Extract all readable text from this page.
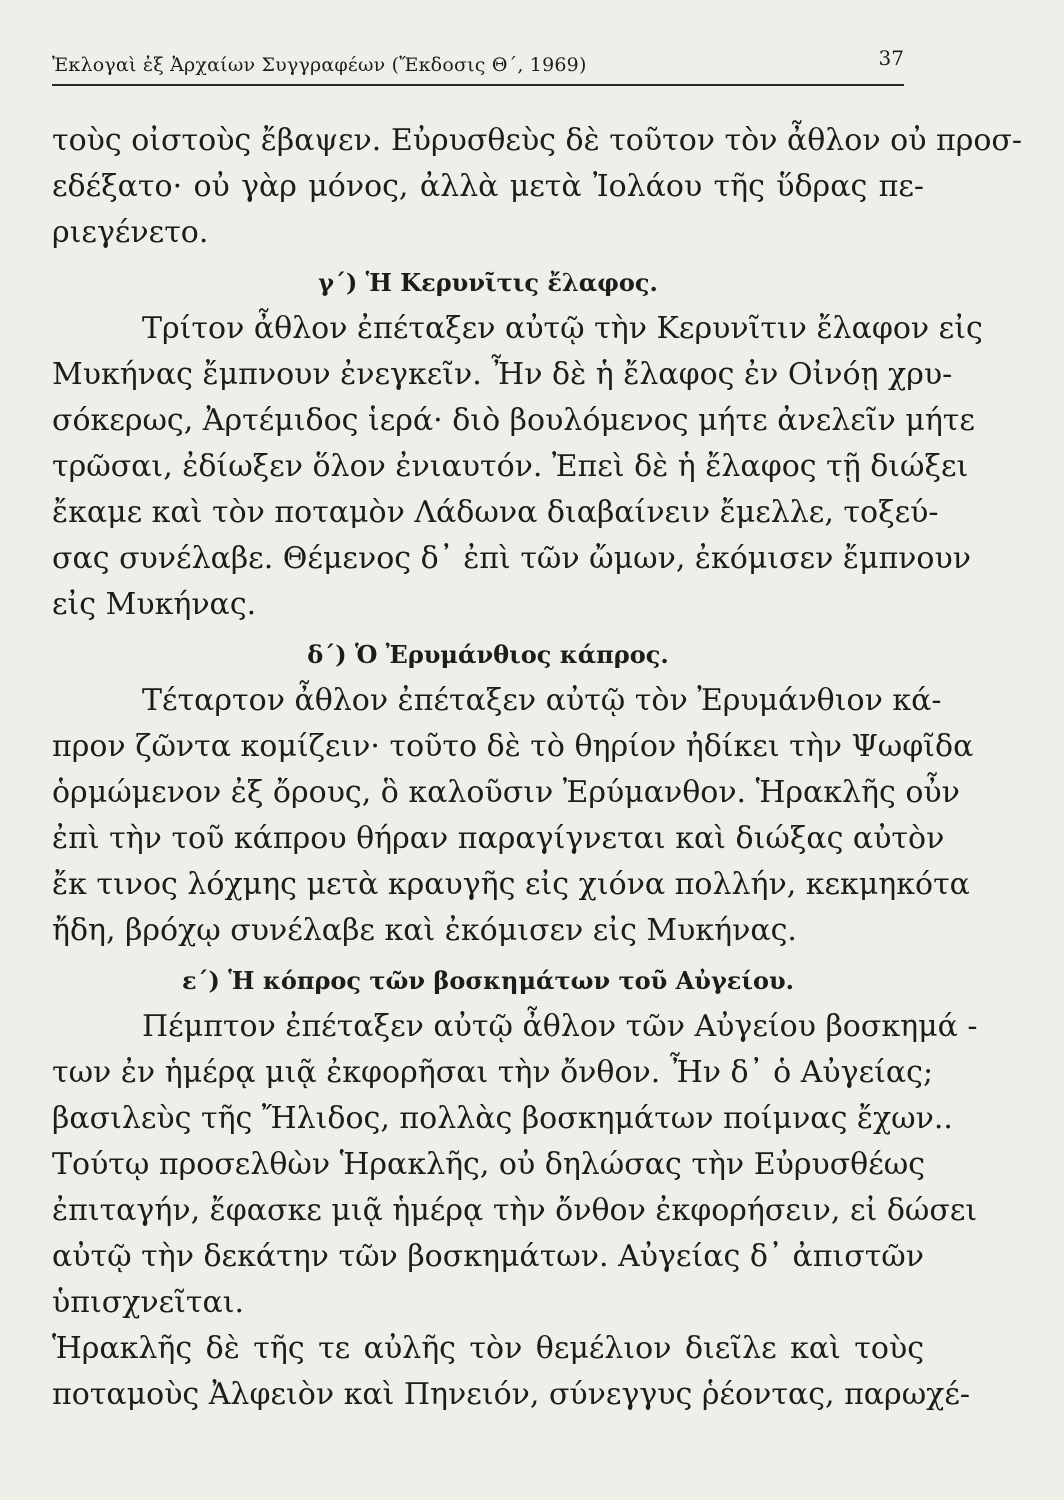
Ἐκλογαὶ ἐξ Ἀρχαίων Συγγραφέων (Ἔκδοσις Θ΄, 1969)	37
τοὺς οἰστοὺς ἔβαψεν. Εὐρυσθεὺς δὲ τοῦτον τὸν ἆθλον οὐ προσ-
εδέξατο· οὐ γὰρ μόνος, ἀλλὰ μετὰ Ἰολάου τῆς ὕδρας πε-
ριεγένετο.
γ΄) Ἡ Κερυνῖτις ἔλαφος.
Τρίτον ἆθλον ἐπέταξεν αὐτῷ τὴν Κερυνῖτιν ἔλαφον εἰς
Μυκήνας ἔμπνουν ἐνεγκεῖν. Ἦν δὲ ἡ ἔλαφος ἐν Οἰνόῃ χρυ-
σόκερως, Ἀρτέμιδος ἱερά· διὸ βουλόμενος μήτε ἀνελεῖν μήτε
τρῶσαι, ἐδίωξεν ὅλον ἐνιαυτόν. Ἐπεὶ δὲ ἡ ἔλαφος τῇ διώξει
ἔκαμε καὶ τὸν ποταμὸν Λάδωνα διαβαίνειν ἔμελλε, τοξεύ-
σας συνέλαβε. Θέμενος δ᾽ ἐπὶ τῶν ὤμων, ἐκόμισεν ἔμπνουν
εἰς Μυκήνας.
δ΄) Ὁ Ἐρυμάνθιος κάπρος.
Τέταρτον ἆθλον ἐπέταξεν αὐτῷ τὸν Ἐρυμάνθιον κά-
προν ζῶντα κομίζειν· τοῦτο δὲ τὸ θηρίον ἠδίκει τὴν Ψωφῖδα
ὁρμώμενον ἐξ ὄρους, ὃ καλοῦσιν Ἐρύμανθον. Ἡρακλῆς οὖν
ἐπὶ τὴν τοῦ κάπρου θήραν παραγίγνεται καὶ διώξας αὐτὸν
ἔκ τινος λόχμης μετὰ κραυγῆς εἰς χιόνα πολλήν, κεκμηκότα
ἤδη, βρόχῳ συνέλαβε καὶ ἐκόμισεν εἰς Μυκήνας.
ε΄) Ἡ κόπρος τῶν βοσκημάτων τοῦ Αὐγείου.
Πέμπτον ἐπέταξεν αὐτῷ ἆθλον τῶν Αὐγείου βοσκημά -
των ἐν ἡμέρᾳ μιᾷ ἐκφορῆσαι τὴν ὄνθον. Ἦν δ᾽ ὁ Αὐγείας;
βασιλεὺς τῆς Ἤλιδος, πολλὰς βοσκημάτων ποίμνας ἔχων..
Τούτῳ προσελθὼν Ἡρακλῆς, οὐ δηλώσας τὴν Εὐρυσθέως
ἐπιταγήν, ἔφασκε μιᾷ ἡμέρᾳ τὴν ὄνθον ἐκφορήσειν, εἰ δώσει
αὐτῷ τὴν δεκάτην τῶν βοσκημάτων. Αὐγείας δ᾽ ἀπιστῶν
ὑπισχνεῖται.
Ἡρακλῆς δὲ τῆς τε αὐλῆς τὸν θεμέλιον διεῖλε καὶ τοὺς
ποταμοὺς Ἀλφειὸν καὶ Πηνειόν, σύνεγγυς ῥέοντας, παρωχέ-
